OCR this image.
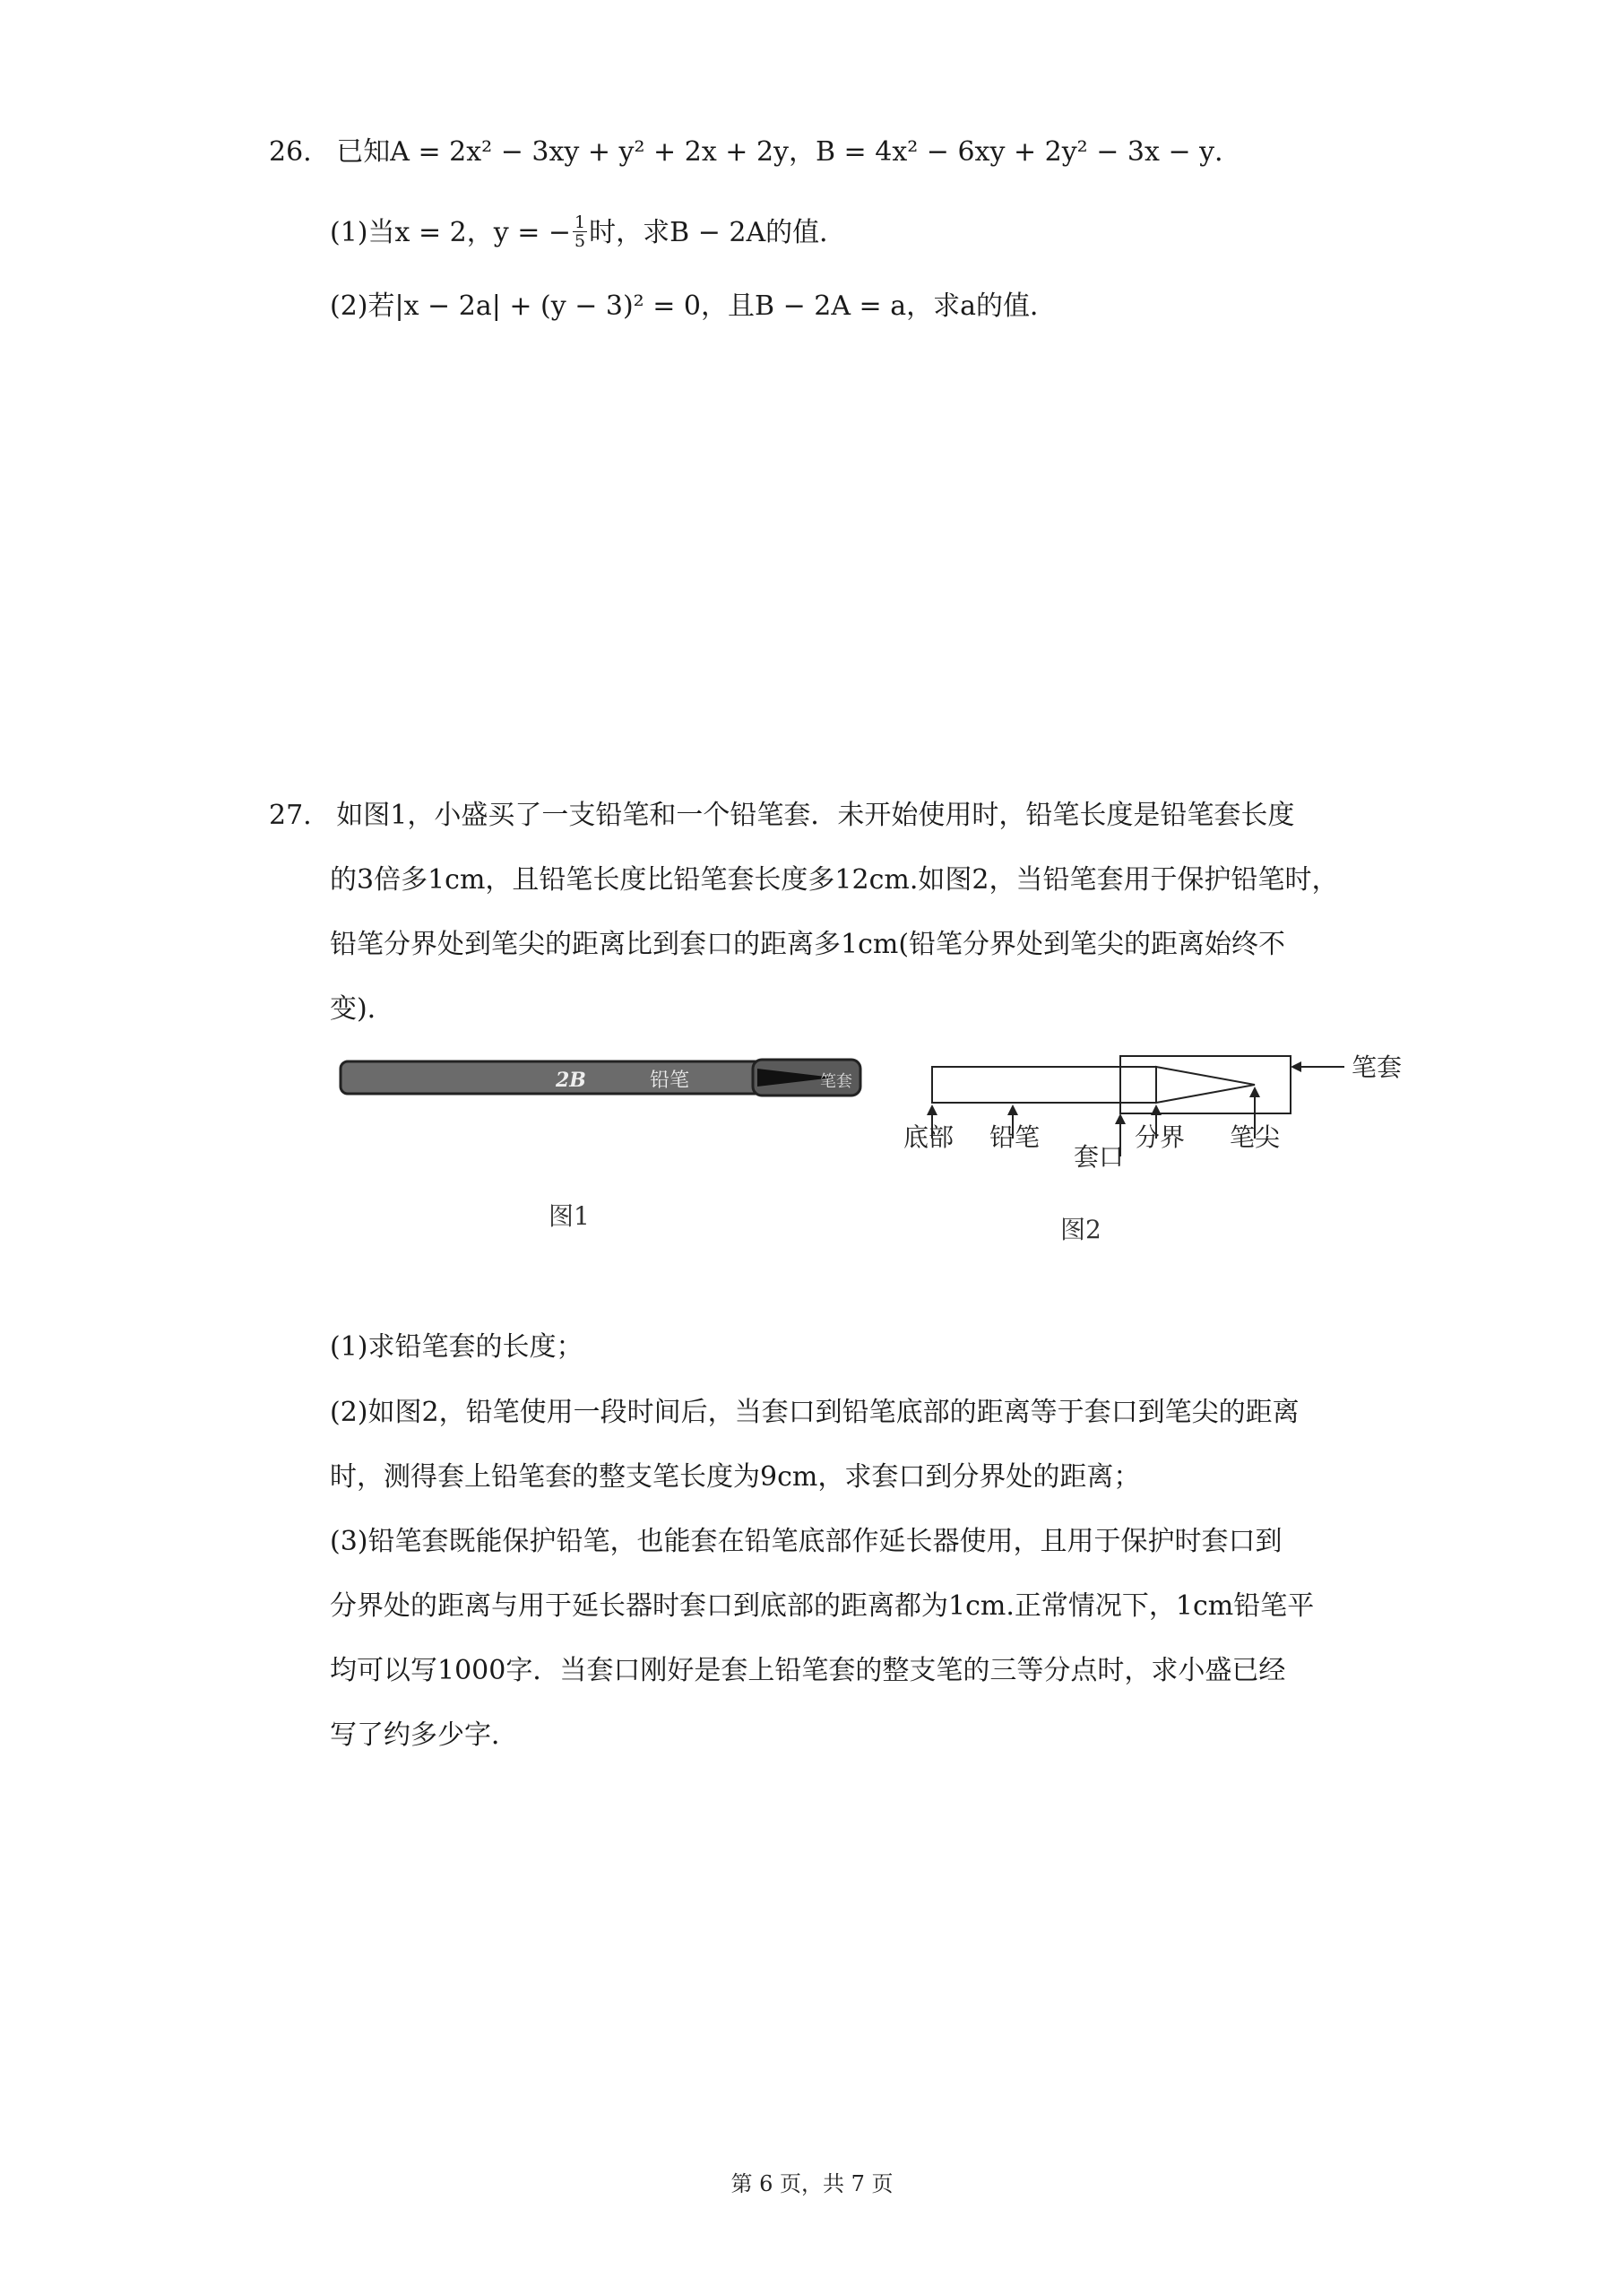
26. 已知A = 2x² − 3xy + y² + 2x + 2y，B = 4x² − 6xy + 2y² − 3x − y．
(1)当x = 2，y = − $\frac{1}{5}$ 时，求B − 2A的值．
(2)若|x − 2a| + (y − 3)² = 0，且B − 2A = a，求a的值．
27. 如图1，小盛买了一支铅笔和一个铅笔套．未开始使用时，铅笔长度是铅笔套长度
的3倍多1cm，且铅笔长度比铅笔套长度多12cm.如图2，当铅笔套用于保护铅笔时，
铅笔分界处到笔尖的距离比到套口的距离多1cm(铅笔分界处到笔尖的距离始终不
变)．
2B	铅笔	笔套
图1
笔套
底部 铅笔
套口
分界 笔尖
图2
(1)求铅笔套的长度；
(2)如图2，铅笔使用一段时间后，当套口到铅笔底部的距离等于套口到笔尖的距离
时，测得套上铅笔套的整支笔长度为9cm，求套口到分界处的距离；
(3)铅笔套既能保护铅笔，也能套在铅笔底部作延长器使用，且用于保护时套口到
分界处的距离与用于延长器时套口到底部的距离都为1cm.正常情况下，1cm铅笔平
均可以写1000字．当套口刚好是套上铅笔套的整支笔的三等分点时，求小盛已经
写了约多少字．
第 6 页，共 7 页
